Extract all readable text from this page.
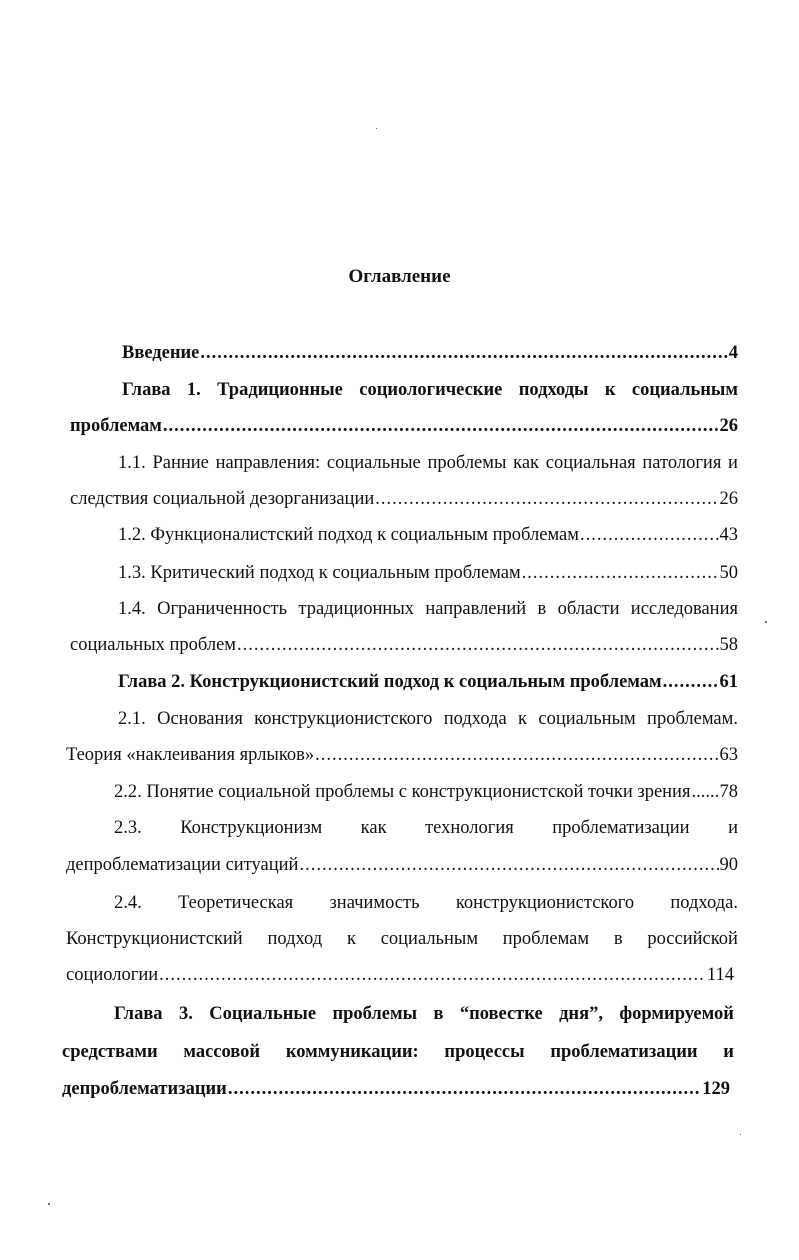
Оглавление
Введение .....	4
Глава 1. Традиционные социологические подходы к социальным
проблемам .....	26
1.1. Ранние направления: социальные проблемы как социальная патология и
следствия социальной дезорганизации .....	26
1.2. Функционалистский подход к социальным проблемам .....	43
1.3. Критический подход к социальным проблемам .....	50
1.4. Ограниченность традиционных направлений в области исследования
социальных проблем .....	58
Глава 2. Конструкционистский подход к социальным проблемам .....	61
2.1. Основания конструкционистского подхода к социальным проблемам.
Теория «наклеивания ярлыков» .....	63
2.2. Понятие социальной проблемы с конструкционистской точки зрения ..... 78
2.3. Конструкционизм как технология проблематизации и
депроблематизации ситуаций .....	90
2.4. Теоретическая значимость конструкционистского подхода.
Конструкционистский подход к социальным проблемам в российской
социологии .....	114
Глава 3. Социальные проблемы в “повестке дня”, формируемой
средствами массовой коммуникации: процессы проблематизации и
депроблематизации .....	129
